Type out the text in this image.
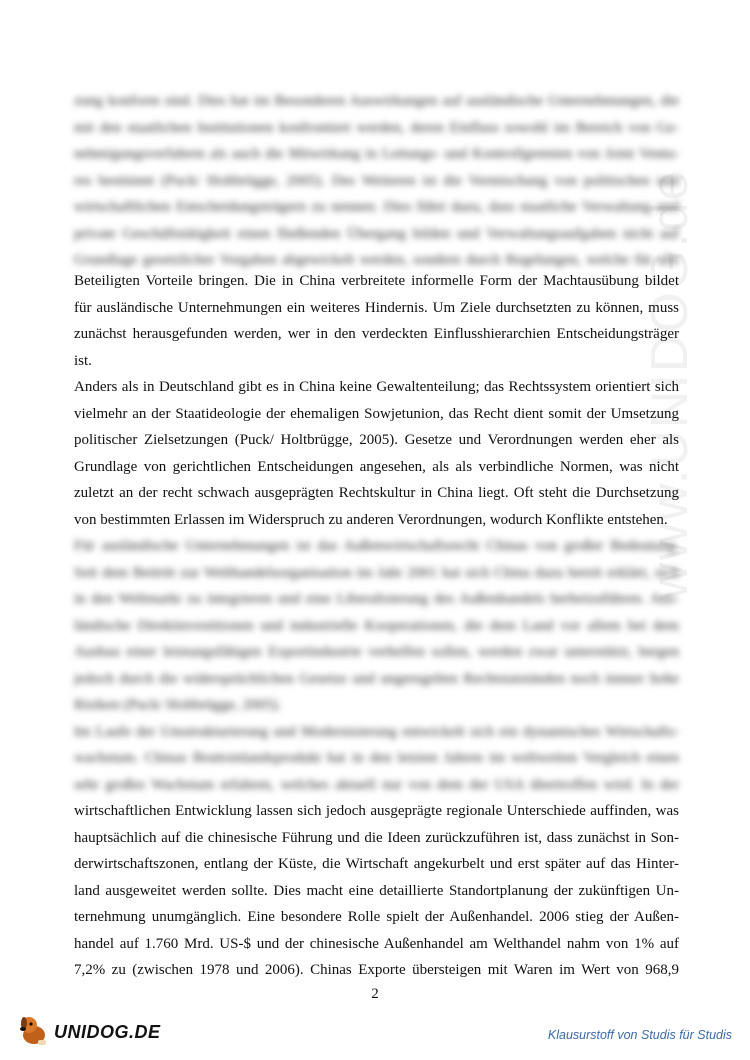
www.UNIDOG.de
zung konform sind. Dies hat im Besonderen Auswirkungen auf ausländische Unternehmungen, die
mit den staatlichen Institutionen konfrontiert werden, deren Einfluss sowohl im Bereich von Ge-
nehmigungsverfahren als auch die Mitwirkung in Leitungs- und Kontrollgremien von Joint Ventu-
res bestimmt (Puck/ Holtbrügge, 2005). Des Weiteren ist die Vermischung von politischen und
wirtschaftlichen Entscheidungsträgern zu nennen. Dies führt dazu, dass staatliche Verwaltung und
private Geschäftstätigkeit einen fließenden Übergang bilden und Verwaltungsaufgaben nicht auf
Grundlage gesetzlicher Vorgaben abgewickelt werden, sondern durch Regelungen, welche für alle
Beteiligten Vorteile bringen. Die in China verbreitete informelle Form der Machtausübung bildet
für ausländische Unternehmungen ein weiteres Hindernis. Um Ziele durchsetzten zu können, muss
zunächst herausgefunden werden, wer in den verdeckten Einflusshierarchien Entscheidungsträger
ist.
Anders als in Deutschland gibt es in China keine Gewaltenteilung; das Rechtssystem orientiert sich
vielmehr an der Staatideologie der ehemaligen Sowjetunion, das Recht dient somit der Umsetzung
politischer Zielsetzungen (Puck/ Holtbrügge, 2005). Gesetze und Verordnungen werden eher als
Grundlage von gerichtlichen Entscheidungen angesehen, als als verbindliche Normen, was nicht
zuletzt an der recht schwach ausgeprägten Rechtskultur in China liegt. Oft steht die Durchsetzung
von bestimmten Erlassen im Widerspruch zu anderen Verordnungen, wodurch Konflikte entstehen.
Für ausländische Unternehmungen ist das Außenwirtschaftsrecht Chinas von großer Bedeutung.
Seit dem Beitritt zur Welthandelsorganisation im Jahr 2001 hat sich China dazu bereit erklärt, sich
in den Weltmarkt zu integrieren und eine Liberalisierung des Außenhandels herbeizuführen. Aus-
ländische Direktinvestitionen und industrielle Kooperationen, die dem Land vor allem bei dem
Ausbau einer leistungsfähigen Exportindustrie verhelfen sollen, werden zwar unterstützt, bergen
jedoch durch die widersprüchlichen Gesetze und ungeregelten Rechtstatständen noch immer hohe
Risiken (Puck/ Holtbrügge, 2005).
Im Laufe der Umstrukturierung und Modernisierung entwickelt sich ein dynamisches Wirtschafts-
wachstum. Chinas Bruttoinlandsprodukt hat in den letzten Jahren im weltweiten Vergleich einen
sehr großes Wachstum erfahren, welches aktuell nur von dem der USA übertroffen wird. In der
wirtschaftlichen Entwicklung lassen sich jedoch ausgeprägte regionale Unterschiede auffinden, was
hauptsächlich auf die chinesische Führung und die Ideen zurückzuführen ist, dass zunächst in Son-
derwirtschaftszonen, entlang der Küste, die Wirtschaft angekurbelt und erst später auf das Hinter-
land ausgeweitet werden sollte. Dies macht eine detaillierte Standortplanung der zukünftigen Un-
ternehmung unumgänglich. Eine besondere Rolle spielt der Außenhandel. 2006 stieg der Außen-
handel auf 1.760 Mrd. US-$ und der chinesische Außenhandel am Welthandel nahm von 1% auf
7,2% zu (zwischen 1978 und 2006). Chinas Exporte übersteigen mit Waren im Wert von 968,9
2
UNIDOG.DE	Klausurstoff von Studis für Studis
